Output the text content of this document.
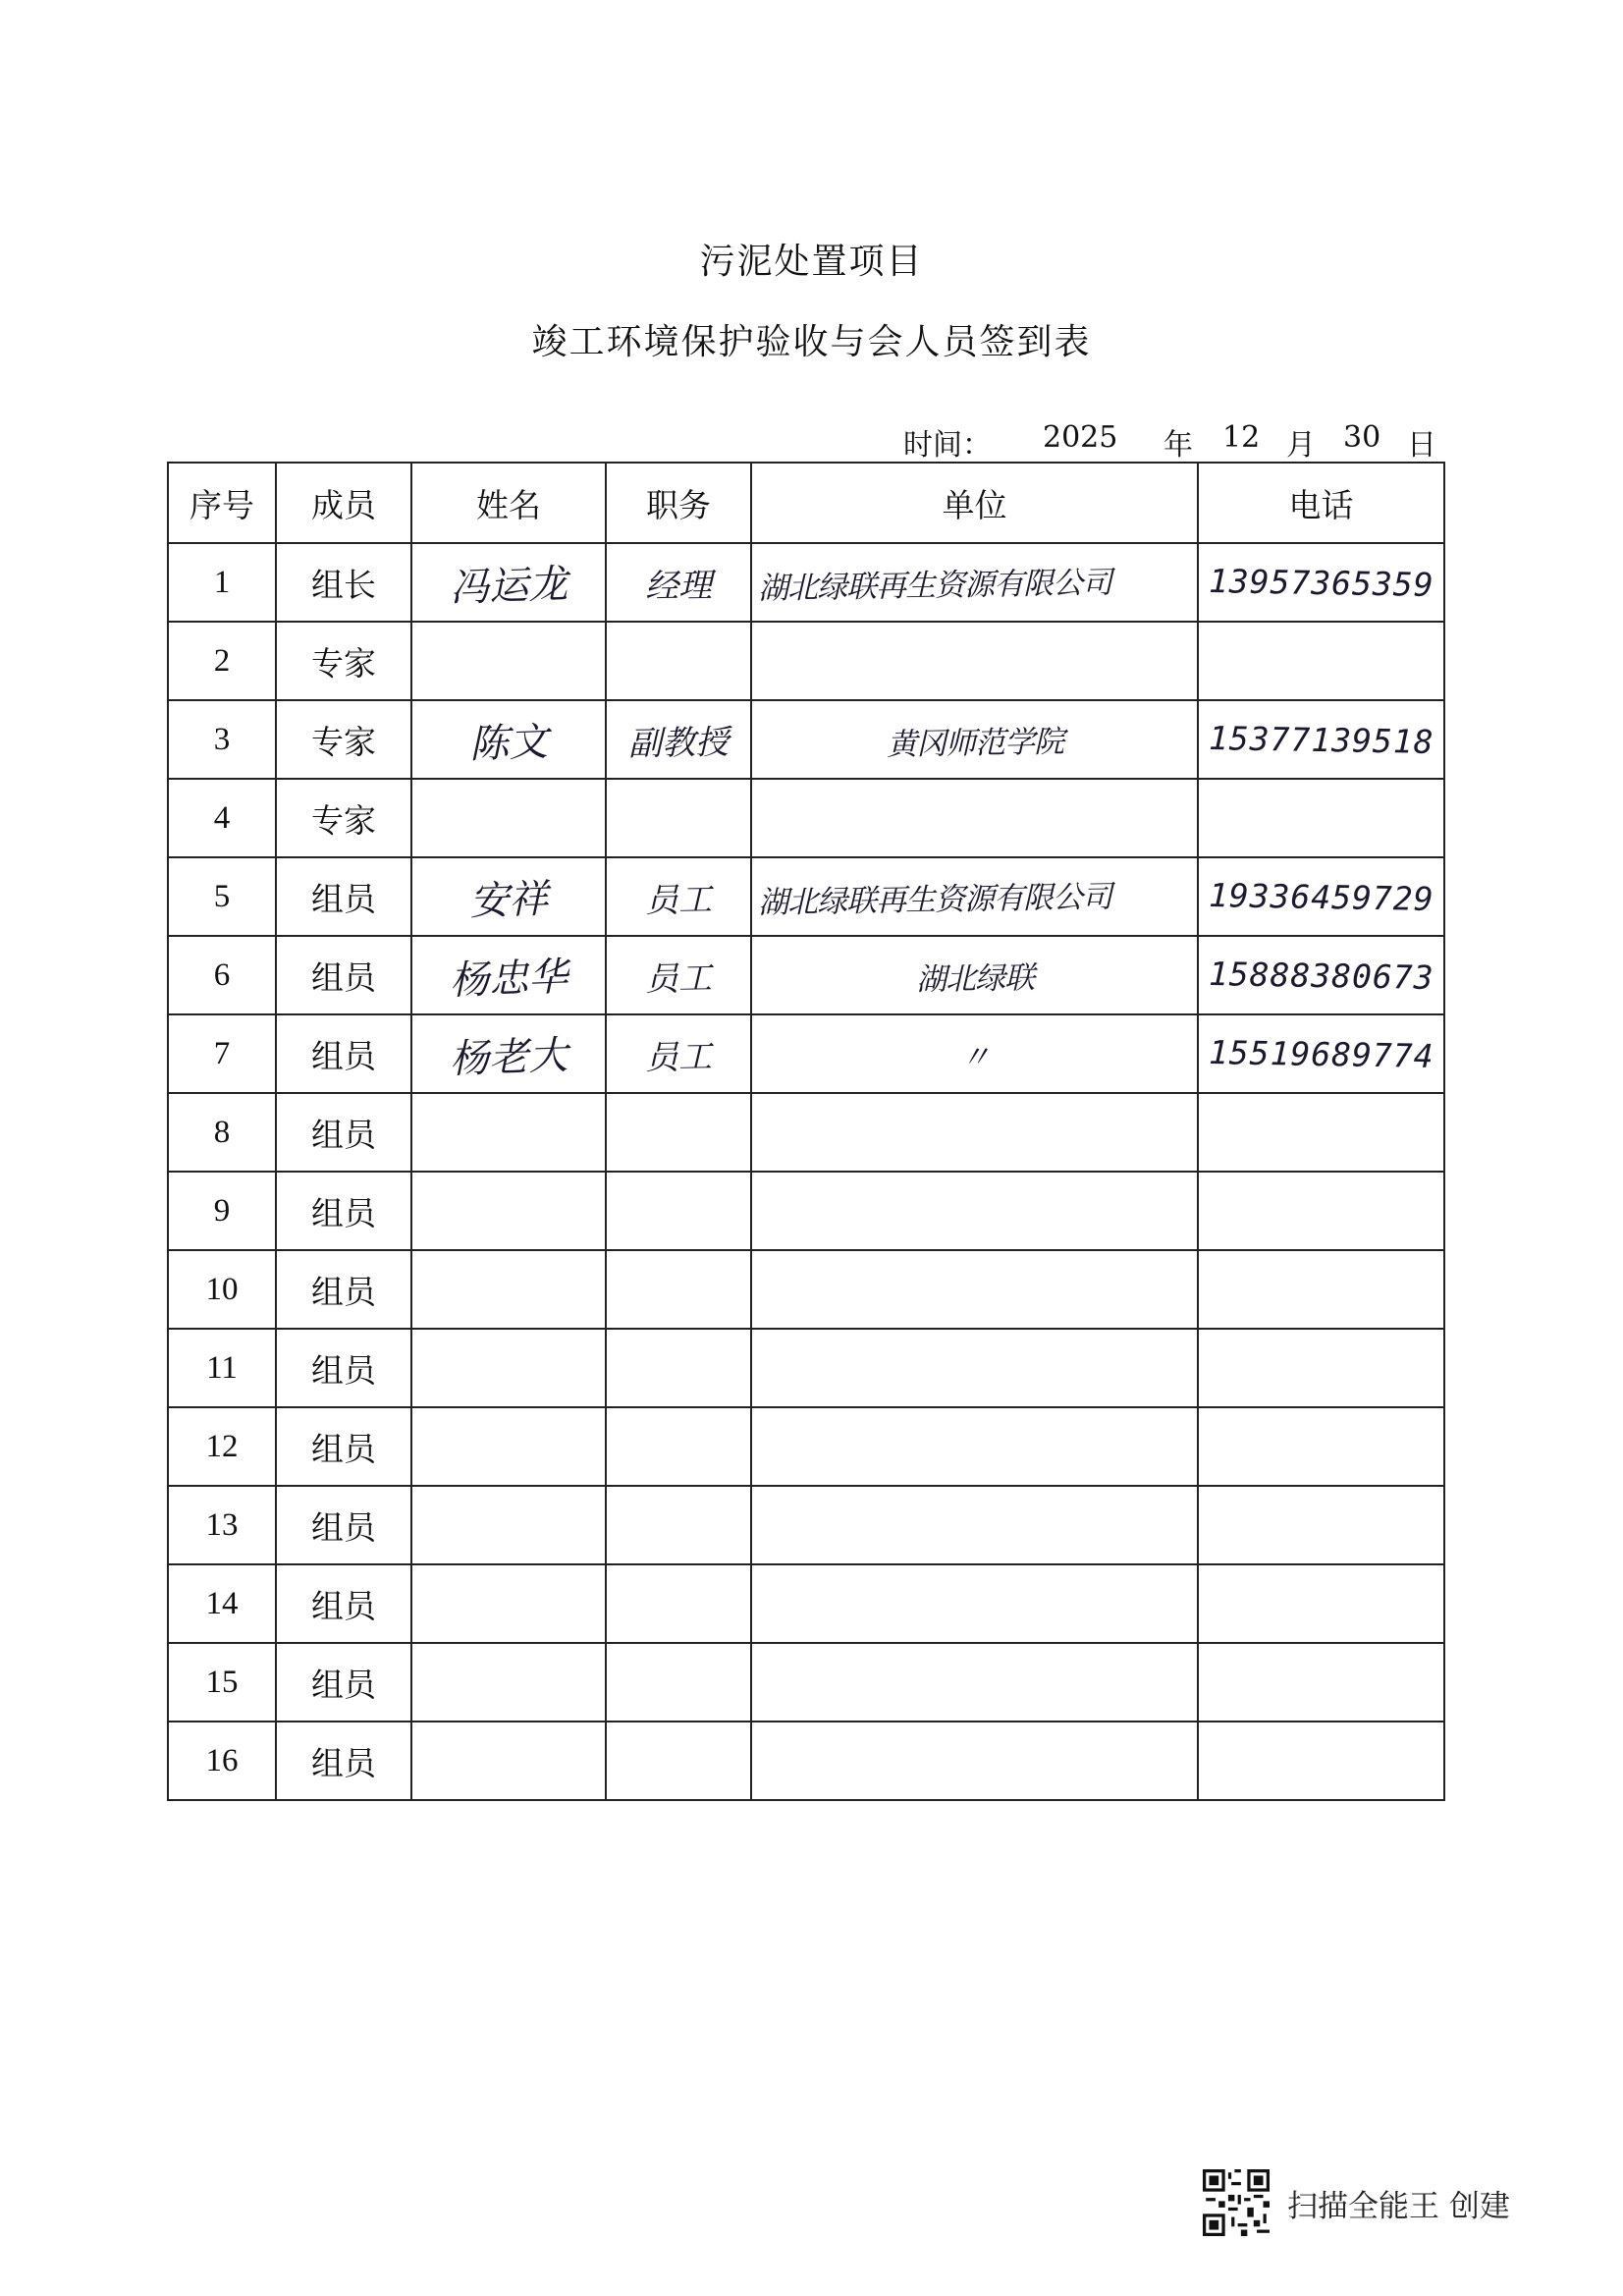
污泥处置项目
竣工环境保护验收与会人员签到表
时间： 2025 年 12 月 30 日
序号	成员	姓名	职务	单位	电话
1	组长	冯运龙	经理	湖北绿联再生资源有限公司	13957365359
2	专家				
3	专家	陈文	副教授	黄冈师范学院	15377139518
4	专家				
5	组员	安祥	员工	湖北绿联再生资源有限公司	19336459729
6	组员	杨忠华	员工	湖北绿联	15888380673
7	组员	杨老大	员工	〃	15519689774
8	组员				
9	组员				
10	组员				
11	组员				
12	组员				
13	组员				
14	组员				
15	组员				
16	组员				
扫描全能王 创建
